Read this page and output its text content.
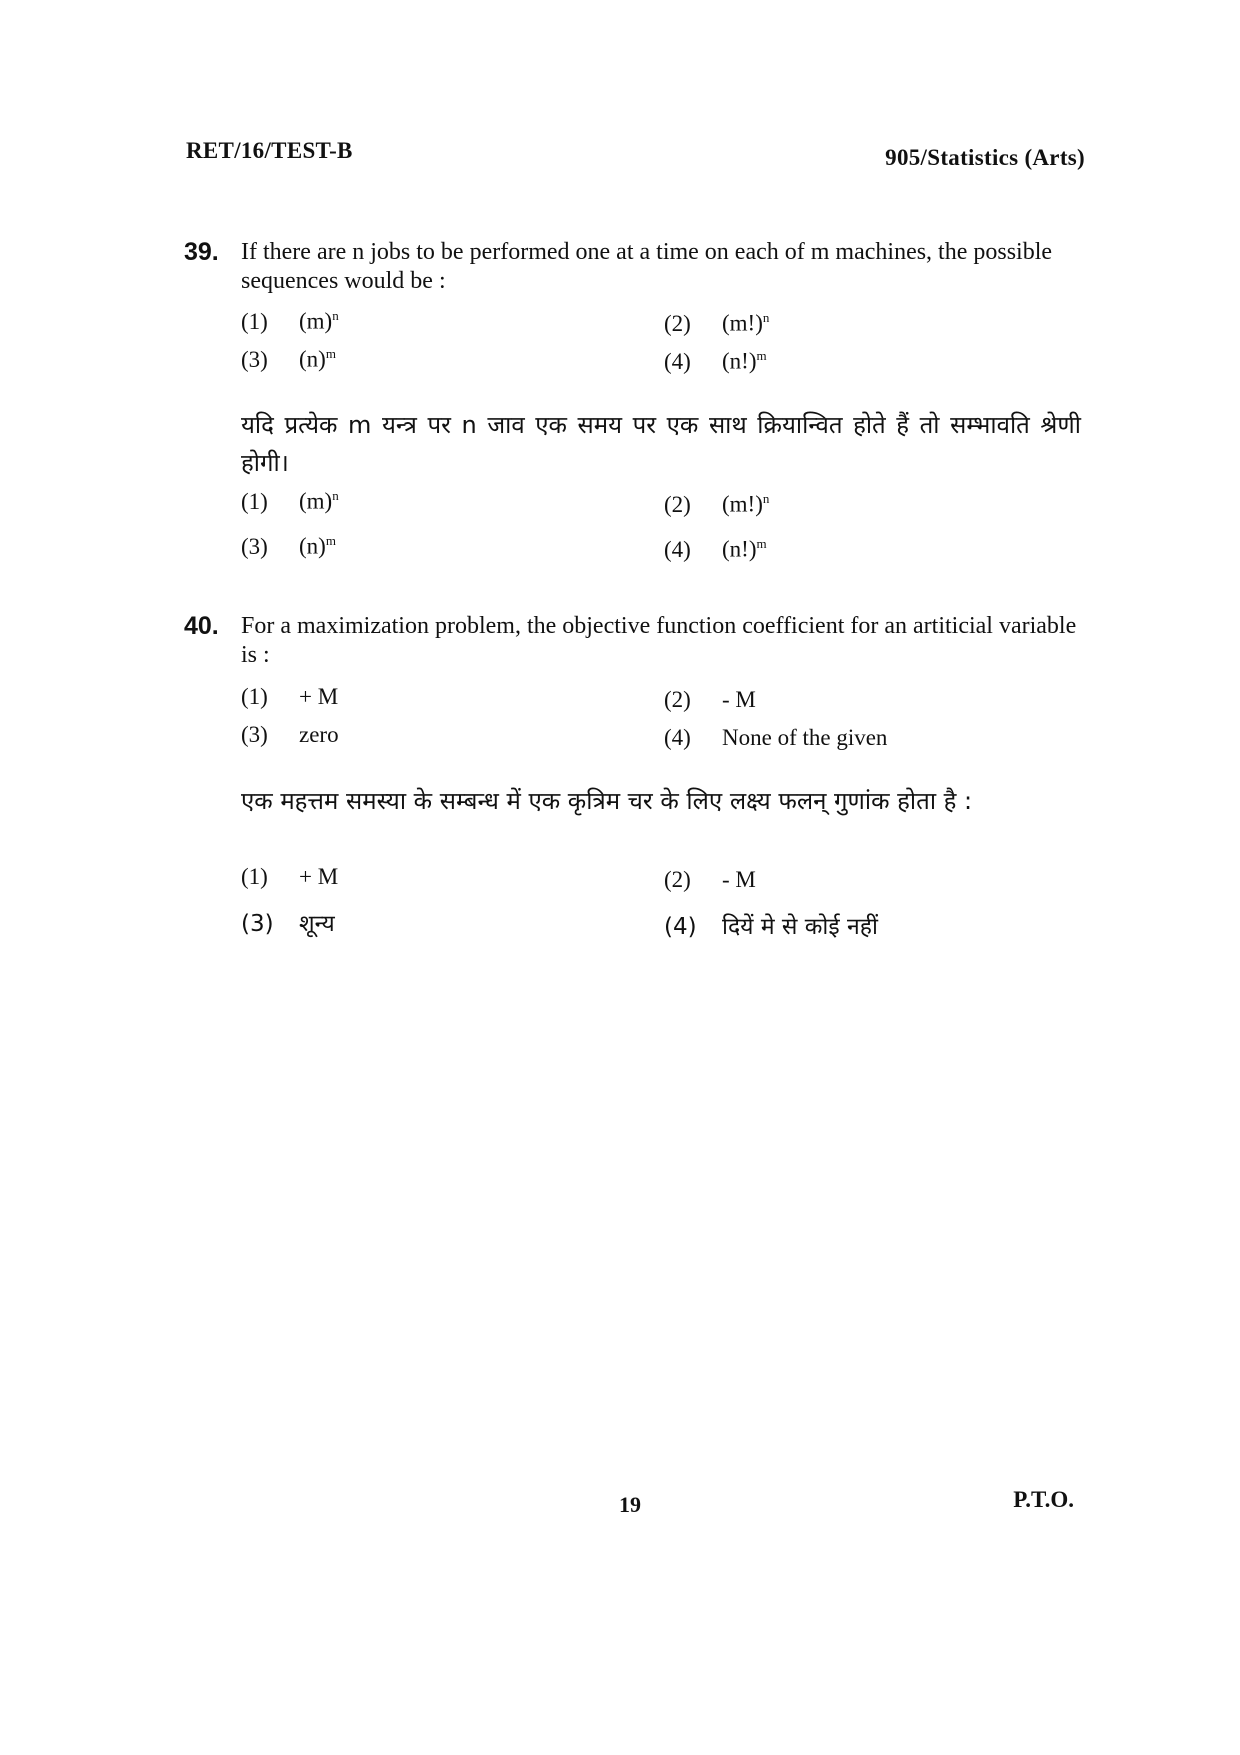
RET/16/TEST-B	905/Statistics (Arts)
39. If there are n jobs to be performed one at a time on each of m machines, the possible sequences would be :
(1) $(m)^n$	(2) $(m!)^n$
(3) $(n)^m$	(4) $(n!)^m$
यदि प्रत्येक m यन्त्र पर n जाव एक समय पर एक साथ क्रियान्वित होते हैं तो सम्भावति श्रेणी होगी।
(1) $(m)^n$	(2) $(m!)^n$
(3) $(n)^m$	(4) $(n!)^m$
40. For a maximization problem, the objective function coefficient for an artiticial variable is :
(1) + M	(2) - M
(3) zero	(4) None of the given
एक महत्तम समस्या के सम्बन्ध में एक कृत्रिम चर के लिए लक्ष्य फलन् गुणांक होता है :
(1) + M	(2) - M
(3) शून्य	(4) दियें मे से कोई नहीं
19	P.T.O.
